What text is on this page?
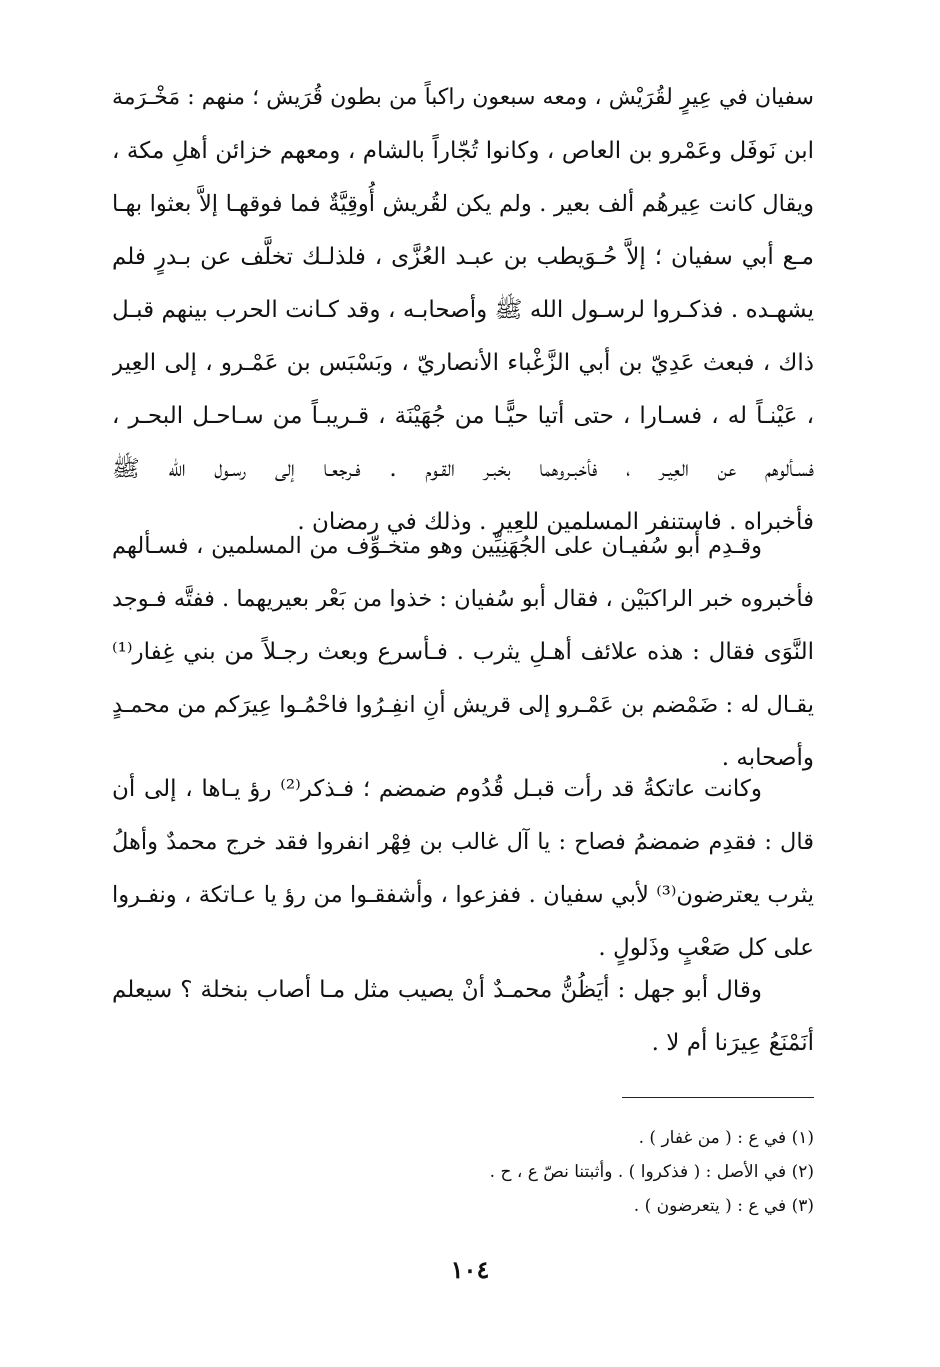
سفيان في عِيرٍ لقُرَيْش ، ومعه سبعون راكباً من بطون قُرَيش ؛ منهم : مَخْـرَمة
ابن نَوفَل وعَمْرو بن العاص ، وكانوا تُجّاراً بالشام ، ومعهم خزائن أهلِ مكة ،
ويقال كانت عِيرهُم ألف بعير . ولم يكن لقُريش أُوقِيَّةٌ فما فوقهـا إلاَّ بعثوا بهـا
مـع أبي سفيان ؛ إلاَّ حُـوَيطب بن عبـد العُزَّى ، فلذلـك تخلَّف عن بـدرٍ فلم
يشهـده . فذكـروا لرسـول الله ﷺ وأصحابـه ، وقد كـانت الحرب بينهم قبـل
ذاك ، فبعث عَدِيّ بن أبي الزَّغْباء الأنصاريّ ، وبَسْبَس بن عَمْـرو ، إلى العِير
، عَيْنـاً له ، فسـارا ، حتى أتيا حيًّـا من جُهَيْنَة ، قـريبـاً من سـاحـل البحـر ،
فسـألوهم عن العِيـر ، فأخبـروهما بخبـر القـوم . فـرجعـا إلى رسـول الله ﷺ
فأخبراه . فاستنفر المسلمين للعِير . وذلك في رمضان .
وقـدِم أبو سُفيـان على الجُهَنِيِّين وهو متخـوِّف من المسلمين ، فسـألهم
فأخبروه خبر الراكبَيْن ، فقال أبو سُفيان : خذوا من بَعْر بعيريهما . ففتَّه فـوجد
النَّوَى فقال : هذه علائف أهـلِ يثرب . فـأسرع وبعث رجـلاً من بني غِفار⁽¹⁾
يقـال له : ضَمْضم بن عَمْـرو إلى قريش أنِ انفِـرُوا فاحْمُـوا عِيرَكم من محمـدٍ
وأصحابه .
وكانت عاتكةُ قد رأت قبـل قُدُوم ضمضم ؛ فـذكر⁽²⁾ رؤ يـاها ، إلى أن
قال : فقدِم ضمضمُ فصاح : يا آل غالب بن فِهْر انفروا فقد خرج محمدٌ وأهلُ
يثرب يعترضون⁽³⁾ لأبي سفيان . ففزعوا ، وأشفقـوا من رؤ يا عـاتكة ، ونفـروا
على كل صَعْبٍ وذَلولٍ .
وقال أبو جهل : أيَظُنُّ محمـدٌ أنْ يصيب مثل مـا أصاب بنخلة ؟ سيعلم
أنَمْنَعُ عِيرَنا أم لا .
(١) في ع : ( من غفار ) .
(٢) في الأصل : ( فذكروا ) . وأثبتنا نصّ ع ، ح .
(٣) في ع : ( يتعرضون ) .
١٠٤
